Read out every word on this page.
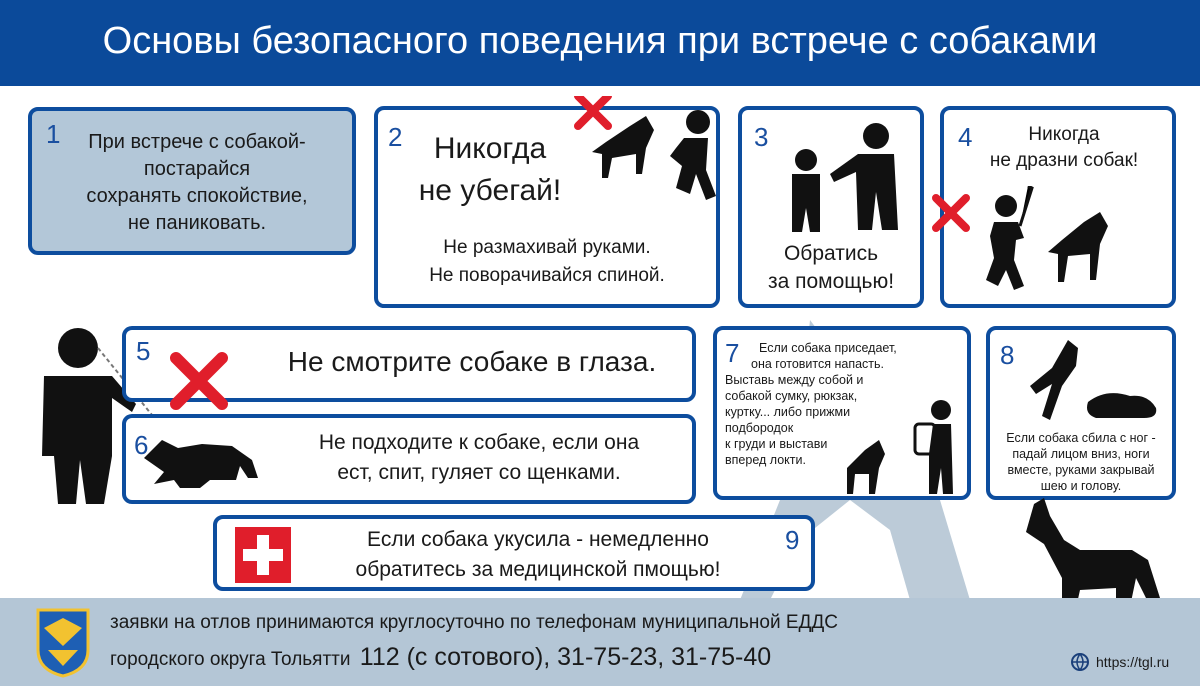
Основы безопасного поведения при встрече с собаками
1	При встрече с собакой-
постарайся
сохранять спокойствие,
не паниковать.
2	Никогда
не убегай!
Не размахивай руками.
Не поворачивайся спиной.
3
Обратись
за помощью!
4	Никогда
не дразни собак!
5	Не смотрите собаке в глаза.
6	Не подходите к собаке, если она
ест, спит, гуляет со щенками.
7	Если собака приседает,
она готовится напасть.
Выставь между собой и
собакой сумку, рюкзак,
куртку... либо прижми
подбородок
к груди и выстави
вперед локти.
8
Если собака сбила с ног -
падай лицом вниз, ноги
вместе, руками закрывай
шею и голову.
Если собака укусила - немедленно
обратитесь за медицинской пмощью!
9
заявки на отлов принимаются круглосуточно по телефонам муниципальной ЕДДС
городского округа Тольятти 112 (с сотового), 31-75-23, 31-75-40	https://tgl.ru
